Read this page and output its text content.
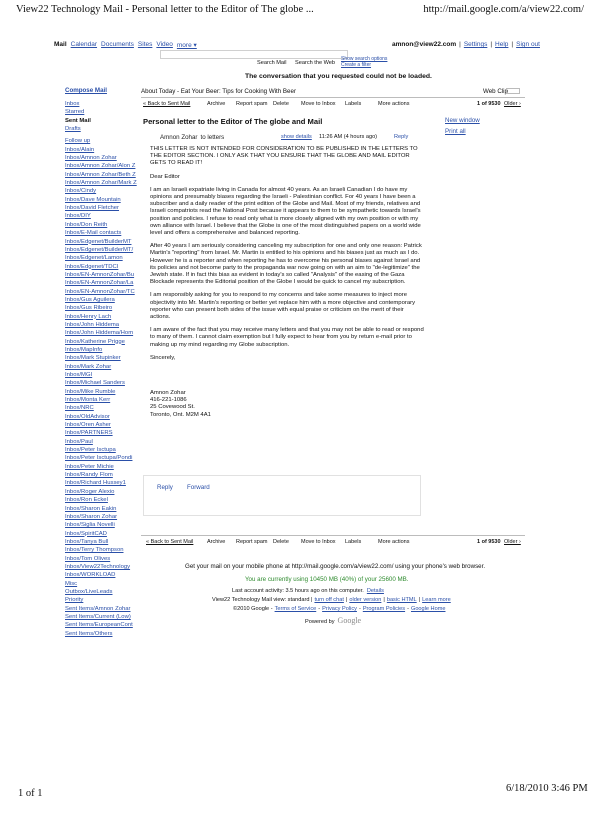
View22 Technology Mail - Personal letter to the Editor of The globe ...	http://mail.google.com/a/view22.com/
Mail Calendar Documents Sites Video more ▾	amnon@view22.com | Settings | Help | Sign out
Search Mail Search the Web
Show search options
Create a filter
The conversation that you requested could not be loaded.
Compose Mail
Inbox
Starred
Sent Mail
Drafts
Follow up
Inbox/Alain
Inbox/Amnon Zohar
Inbox/Amnon Zohar/Alon Z
Inbox/Amnon Zohar/Beth Z
Inbox/Amnon Zohar/Mark Z
Inbox/Cindy
Inbox/Dave Mountain
Inbox/David Fletcher
Inbox/DIY
Inbox/Don Reith
Inbox/E-Mail contacts
Inbox/Edgenet/BuilderMT
Inbox/Edgenet/BuilderMT/
Inbox/Edgenet/Lamon
Inbox/Edgenet/TDCI
Inbox/EN-AmnonZohar/Bu
Inbox/EN-AmnonZohar/La
Inbox/EN-AmnonZohar/TC
Inbox/Gus Aguilera
Inbox/Gus Ribeiro
Inbox/Henry Lach
Inbox/John Hiddema
Inbox/John Hiddema/Hom
Inbox/Katherine Prigge
Inbox/MapInfo
Inbox/Mark Stupinker
Inbox/Mark Zohar
Inbox/MGI
Inbox/Michael Sanders
Inbox/Mike Rumble
Inbox/Monta Kerr
Inbox/NRC
Inbox/OldAdvisor
Inbox/Oren Asher
Inbox/PARTNERS
Inbox/Paul
Inbox/Peter Isctupa
Inbox/Peter Isctupa/Pondi
Inbox/Peter Michie
Inbox/Randy Flom
Inbox/Richard Hussey1
Inbox/Roger Alexio
Inbox/Ron Eckel
Inbox/Sharon Eakin
Inbox/Sharon Zohar
Inbox/Siglia Novelli
Inbox/SpiritCAD
Inbox/Tanya Bull
Inbox/Terry Thompson
Inbox/Tom Olives
Inbox/View22Technology
Inbox/WORKLOAD
Misc
Outbox/LiveLeads
Priority
Sent Items/Amnon Zohar
Sent Items/Current (Low)
Sent Items/EuropeanCont
Sent Items/Others
About Today - Eat Your Beer: Tips for Cooking With Beer	Web Clip
« Back to Sent Mail	Archive Report spam Delete Move to Inbox Labels	More actions	1 of 9530 Older ›
New window
Print all
Personal letter to the Editor of The globe and Mail
Amnon Zohar to letters	show details 11:26 AM (4 hours ago)	Reply

THIS LETTER IS NOT INTENDED FOR CONSIDERATION TO BE PUBLISHED IN THE LETTERS TO THE EDITOR SECTION. I ONLY ASK THAT YOU ENSURE THAT THE GLOBE AND MAIL EDITOR GETS TO READ IT!

Dear Editor

I am an Israeli expatriate living in Canada for almost 40 years. As an Israeli Canadian I do have my opinions and presumably biases regarding the Israeli - Palestinian conflict. For 40 years I have been a subscriber and a daily reader of the print edition of the Globe and Mail. Most of my friends, relatives and Israeli compatriots read the National Post because it appears to them to be sympathetic towards Israel's position and policies. I refuse to read only what is more closely aligned with my own position or with my own alliance with Israel. I believe that the Globe is one of the most distinguished papers on a world wide level and offers a comprehensive and balanced reporting.

After 40 years I am seriously considering canceling my subscription for one and only one reason: Patrick Martin's "reporting" from Israel. Mr. Martin is entitled to his opinions and his biases just as much as I do. However he is a reporter and when reporting he has to overcome his personal biases against Israel and its policies and not become party to the propaganda war now going on with an aim to "de-legitimize" the Jewish state. If in fact this bias as evident in today's so called "Analysis" of the easing of the Gaza Blockade represents the Editorial position of the Globe I would be quick to cancel my subscription.

I am responsibly asking for you to respond to my concerns and take some measures to inject more objectivity into Mr. Martin's reporting or better yet replace him with a more objective and contemporary reporter who can present both sides of the issue with equal praise or criticism on the merit of their actions.

I am aware of the fact that you may receive many letters and that you may not be able to read or respond to many of them. I cannot claim exemption but I fully expect to hear from you by return e-mail prior to making up my mind regarding my Globe subscription.

Sincerely,

Amnon Zohar
416-221-1086
25 Covewood St.
Toronto, Ont. M2M 4A1
Reply Forward
« Back to Sent Mail Archive Report spam Delete Move to Inbox Labels	More actions	1 of 9530 Older ›
Get your mail on your mobile phone at http://mail.google.com/a/view22.com/ using your phone's web browser.
You are currently using 10450 MB (40%) of your 25600 MB.
Last account activity: 3.5 hours ago on this computer. Details
View22 Technology Mail view: standard | turn off chat | older version | basic HTML | Learn more
©2010 Google - Terms of Service - Privacy Policy - Program Policies - Google Home
Powered by Google
1 of 1	6/18/2010 3:46 PM
